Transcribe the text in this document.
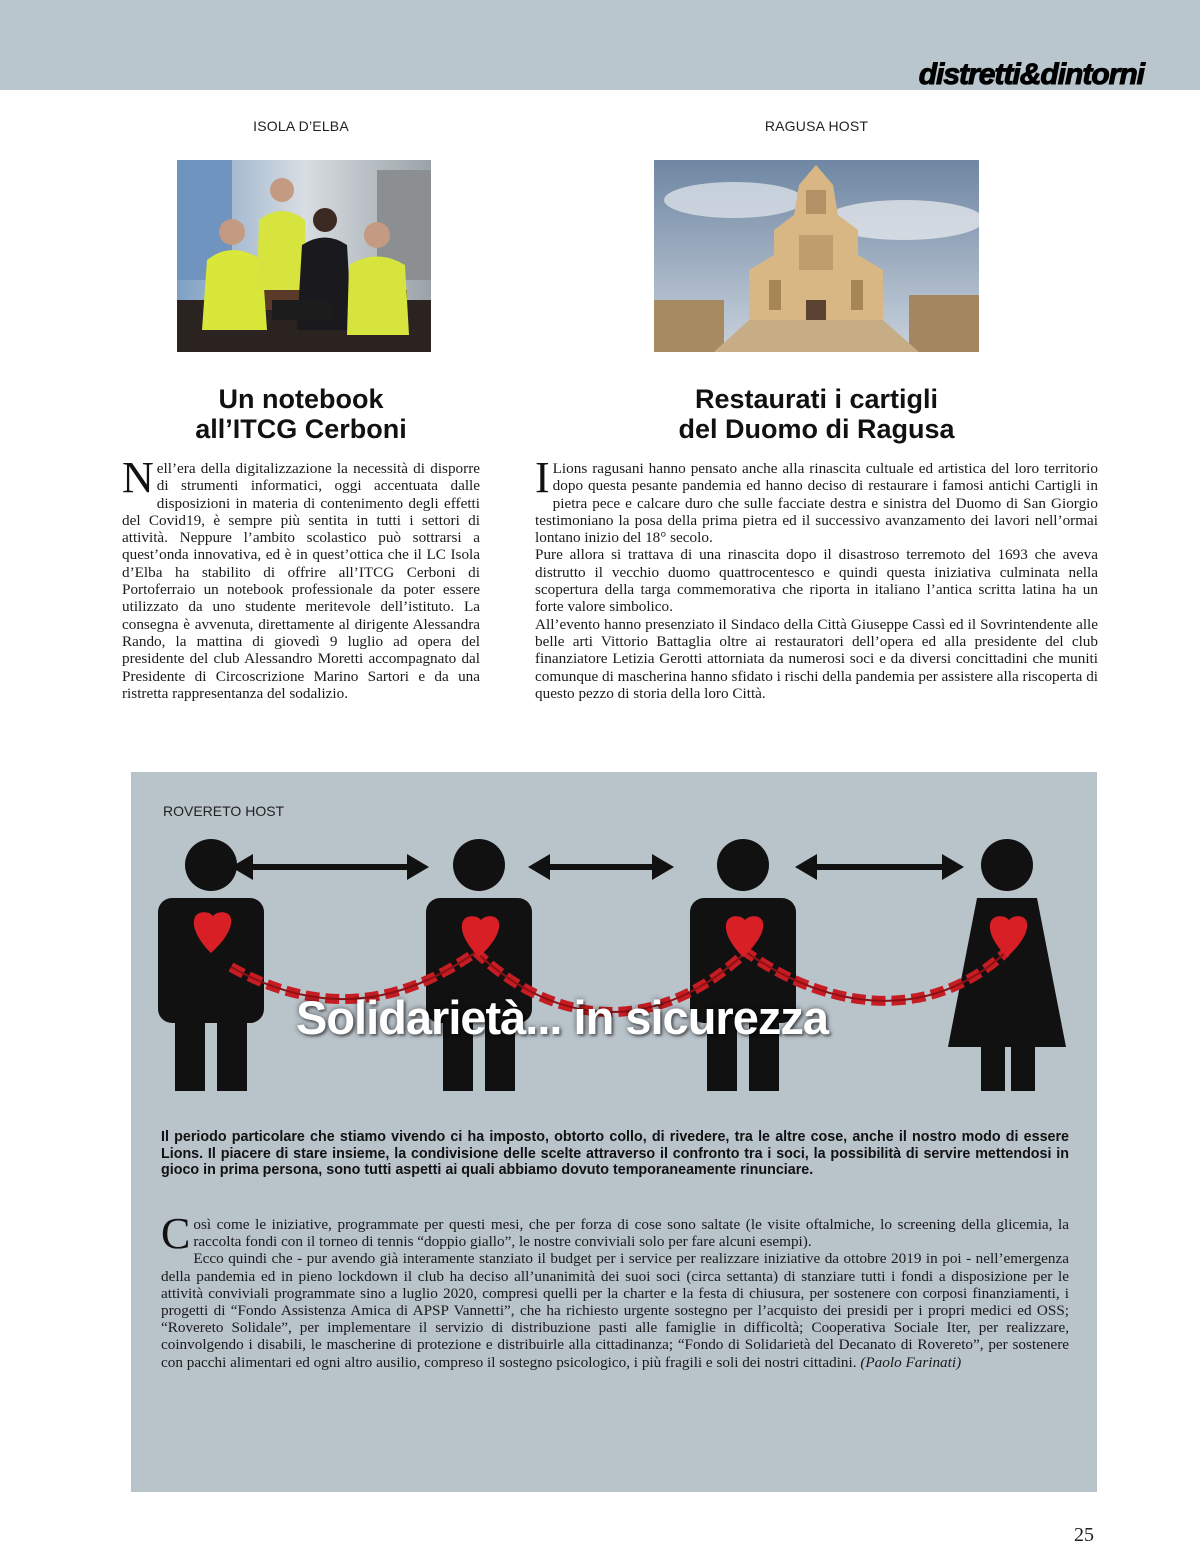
distretti&dintorni
ISOLA D’ELBA
Un notebook
all’ITCG Cerboni
Nell’era della digitalizzazione la necessità di disporre di strumenti informatici, oggi accentuata dalle disposizioni in materia di contenimento degli effetti del Covid19, è sempre più sentita in tutti i settori di attività. Neppure l’ambito scolastico può sottrarsi a quest’onda innovativa, ed è in quest’ottica che il LC Isola d’Elba ha stabilito di offrire all’ITCG Cerboni di Portoferraio un notebook professionale da poter essere utilizzato da uno studente meritevole dell’istituto. La consegna è avvenuta, direttamente al dirigente Alessandra Rando, la mattina di giovedì 9 luglio ad opera del presidente del club Alessandro Moretti accompagnato dal Presidente di Circoscrizione Marino Sartori e da una ristretta rappresentanza del sodalizio.
RAGUSA HOST
Restaurati i cartigli
del Duomo di Ragusa

I Lions ragusani hanno pensato anche alla rinascita cultuale ed artistica del loro territorio dopo questa pesante pandemia ed hanno deciso di restaurare i famosi antichi Cartigli in pietra pece e calcare duro che sulle facciate destra e sinistra del Duomo di San Giorgio testimoniano la posa della prima pietra ed il successivo avanzamento dei lavori nell’ormai lontano inizio del 18° secolo.

Pure allora si trattava di una rinascita dopo il disastroso terremoto del 1693 che aveva distrutto il vecchio duomo quattrocentesco e quindi questa iniziativa culminata nella scopertura della targa commemorativa che riporta in italiano l’antica scritta latina ha un forte valore simbolico.

All’evento hanno presenziato il Sindaco della Città Giuseppe Cassì ed il Sovrintendente alle belle arti Vittorio Battaglia oltre ai restauratori dell’opera ed alla presidente del club finanziatore Letizia Gerotti attorniata da numerosi soci e da diversi concittadini che muniti comunque di mascherina hanno sfidato i rischi della pandemia per assistere alla riscoperta di questo pezzo di storia della loro Città.

ROVERETO HOST
Solidarietà... in sicurezza
Il periodo particolare che stiamo vivendo ci ha imposto, obtorto collo, di rivedere, tra le altre cose, anche il nostro modo di essere Lions. Il piacere di stare insieme, la condivisione delle scelte attraverso il confronto tra i soci, la possibilità di servire mettendosi in gioco in prima persona, sono tutti aspetti ai quali abbiamo dovuto temporaneamente rinunciare.

Così come le iniziative, programmate per questi mesi, che per forza di cose sono saltate (le visite oftalmiche, lo screening della glicemia, la raccolta fondi con il torneo di tennis “doppio giallo”, le nostre conviviali solo per fare alcuni esempi).

Ecco quindi che - pur avendo già interamente stanziato il budget per i service per realizzare iniziative da ottobre 2019 in poi - nell’emergenza della pandemia ed in pieno lockdown il club ha deciso all’unanimità dei suoi soci (circa settanta) di stanziare tutti i fondi a disposizione per le attività conviviali programmate sino a luglio 2020, compresi quelli per la charter e la festa di chiusura, per sostenere con corposi finanziamenti, i progetti di “Fondo Assistenza Amica di APSP Vannetti”, che ha richiesto urgente sostegno per l’acquisto dei presidi per i propri medici ed OSS; “Rovereto Solidale”, per implementare il servizio di distribuzione pasti alle famiglie in difficoltà; Cooperativa Sociale Iter, per realizzare, coinvolgendo i disabili, le mascherine di protezione e distribuirle alla cittadinanza; “Fondo di Solidarietà del Decanato di Rovereto”, per sostenere con pacchi alimentari ed ogni altro ausilio, compreso il sostegno psicologico, i più fragili e soli dei nostri cittadini. (Paolo Farinati)

25
